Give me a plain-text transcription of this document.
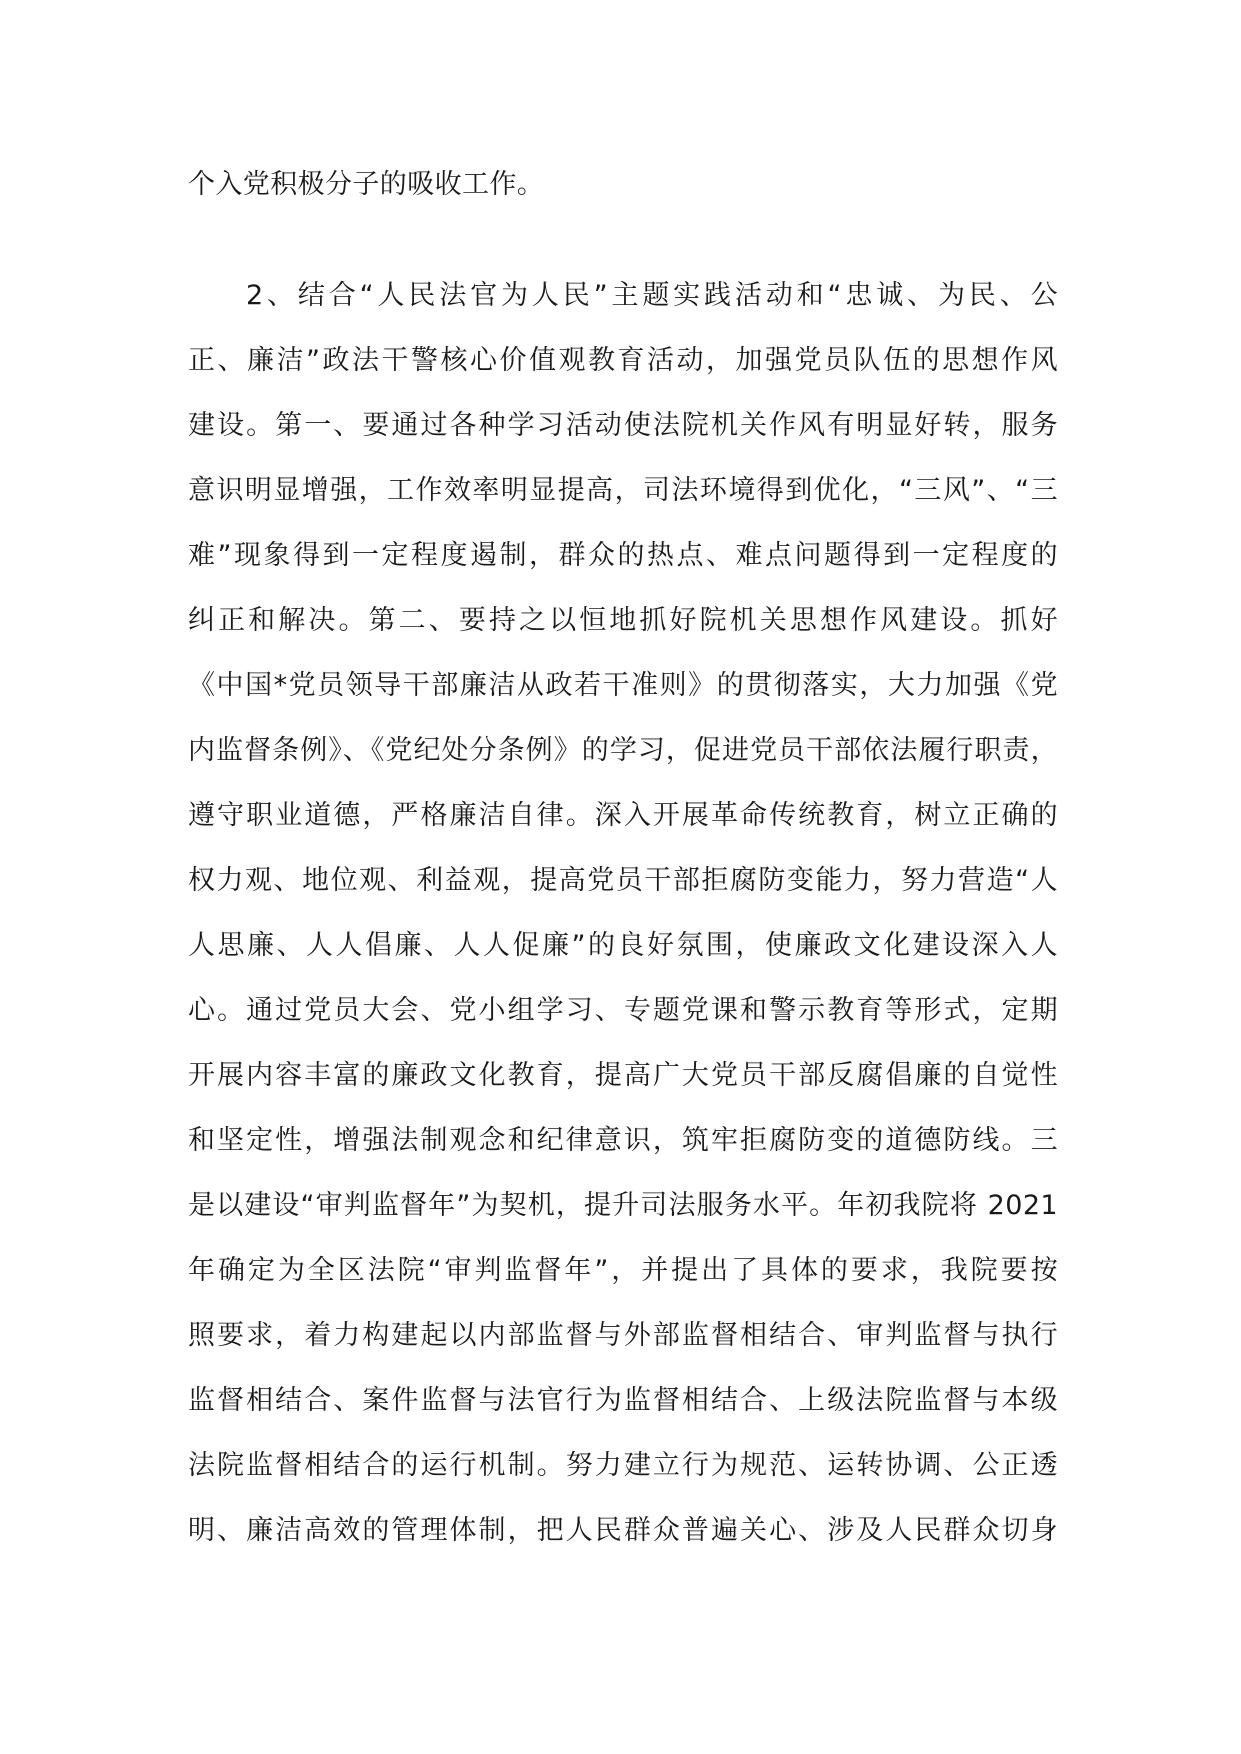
个入党积极分子的吸收工作。
2、结合“人民法官为人民”主题实践活动和“忠诚、为民、公
正、廉洁”政法干警核心价值观教育活动，加强党员队伍的思想作风
建设。第一、要通过各种学习活动使法院机关作风有明显好转，服务
意识明显增强，工作效率明显提高，司法环境得到优化，“三风”、“三
难”现象得到一定程度遏制，群众的热点、难点问题得到一定程度的
纠正和解决。第二、要持之以恒地抓好院机关思想作风建设。抓好
《中国*党员领导干部廉洁从政若干准则》的贯彻落实，大力加强《党
内监督条例》、《党纪处分条例》的学习，促进党员干部依法履行职责，
遵守职业道德，严格廉洁自律。深入开展革命传统教育，树立正确的
权力观、地位观、利益观，提高党员干部拒腐防变能力，努力营造“人
人思廉、人人倡廉、人人促廉”的良好氛围，使廉政文化建设深入人
心。通过党员大会、党小组学习、专题党课和警示教育等形式，定期
开展内容丰富的廉政文化教育，提高广大党员干部反腐倡廉的自觉性
和坚定性，增强法制观念和纪律意识，筑牢拒腐防变的道德防线。三
是以建设“审判监督年”为契机，提升司法服务水平。年初我院将 2021
年确定为全区法院“审判监督年”，并提出了具体的要求，我院要按
照要求，着力构建起以内部监督与外部监督相结合、审判监督与执行
监督相结合、案件监督与法官行为监督相结合、上级法院监督与本级
法院监督相结合的运行机制。努力建立行为规范、运转协调、公正透
明、廉洁高效的管理体制，把人民群众普遍关心、涉及人民群众切身
